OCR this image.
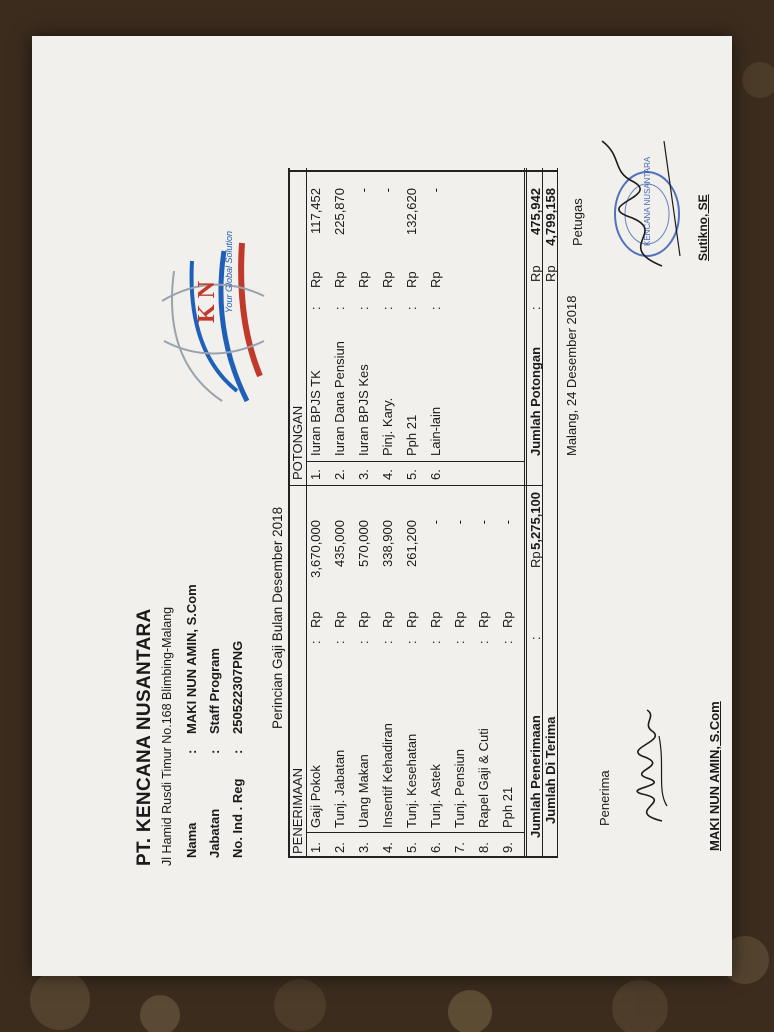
PT. KENCANA NUSANTARA Jl Hamid Rusdi Timur No.168 Blimbing-Malang
K N Your Global Solution
Nama
:
MAKI NUN AMIN, S.Com
Jabatan
:
Staff Program
No. Ind . Reg
:
250522307PNG Perincian Gaji Bulan Desember 2018
PENERIMAAN
POTONGAN
1.
Gaji Pokok
:
Rp
3,670,000
2.
Tunj. Jabatan
:
Rp
435,000
3.
Uang Makan
:
Rp
570,000
4.
Insentif Kehadiran
:
Rp
338,900
5.
Tunj. Kesehatan
:
Rp
261,200
6.
Tunj. Astek
:
Rp
-
7.
Tunj. Pensiun
:
Rp
-
8.
Rapel Gaji & Cuti
:
Rp
-
9.
Pph 21
:
Rp
-
1.
Iuran BPJS TK
:
Rp
117,452
2.
Iuran Dana Pensiun
:
Rp
225,870
3.
Iuran BPJS Kes
:
Rp
-
4.
Pinj. Kary.
:
Rp
-
5.
Pph 21
:
Rp
132,620
6.
Lain-lain
:
Rp
-
Jumlah Penerimaan
:
Rp
5,275,100
Jumlah Potongan
:
Rp
475,942
Jumlah Di Terima
Rp
4,799,158
Malang, 24 Desember 2018
Penerima
Petugas
MAKI NUN AMIN, S.Com
KENCANA NUSANTARA	Sutikno, SE
